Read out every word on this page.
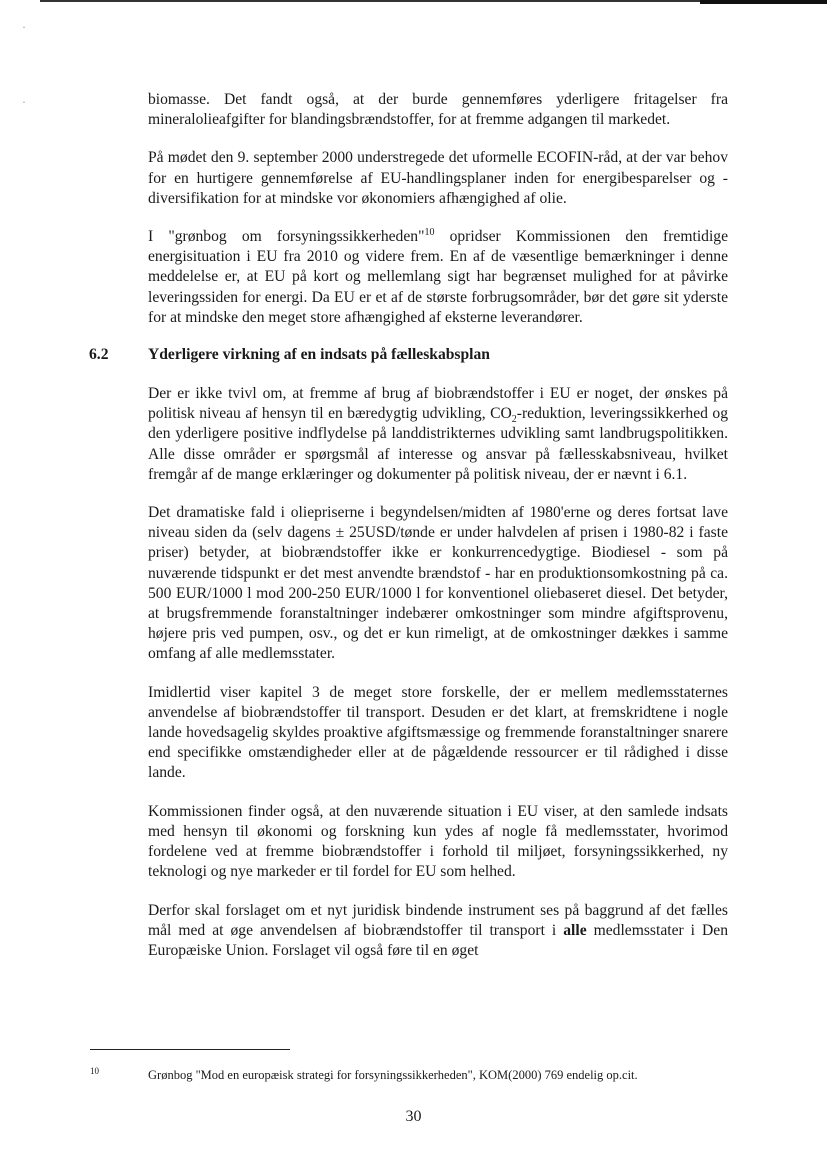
·
·	biomasse. Det fandt også, at der burde gennemføres yderligere fritagelser fra mineralolieafgifter for blandingsbrændstoffer, for at fremme adgangen til markedet.

På mødet den 9. september 2000 understregede det uformelle ECOFIN-råd, at der var behov for en hurtigere gennemførelse af EU-handlingsplaner inden for energibesparelser og -diversifikation for at mindske vor økonomiers afhængighed af olie.

I "grønbog om forsyningssikkerheden"$^{10}$ opridser Kommissionen den fremtidige energisituation i EU fra 2010 og videre frem. En af de væsentlige bemærkninger i denne meddelelse er, at EU på kort og mellemlang sigt har begrænset mulighed for at påvirke leveringssiden for energi. Da EU er et af de største forbrugsområder, bør det gøre sit yderste for at mindske den meget store afhængighed af eksterne leverandører.

6.2	Yderligere virkning af en indsats på fælleskabsplan

Der er ikke tvivl om, at fremme af brug af biobrændstoffer i EU er noget, der ønskes på politisk niveau af hensyn til en bæredygtig udvikling, $CO_2$-reduktion, leveringssikkerhed og den yderligere positive indflydelse på landdistrikternes udvikling samt landbrugspolitikken. Alle disse områder er spørgsmål af interesse og ansvar på fællesskabsniveau, hvilket fremgår af de mange erklæringer og dokumenter på politisk niveau, der er nævnt i 6.1.

Det dramatiske fald i oliepriserne i begyndelsen/midten af 1980'erne og deres fortsat lave niveau siden da (selv dagens ± 25USD/tønde er under halvdelen af prisen i 1980-82 i faste priser) betyder, at biobrændstoffer ikke er konkurrencedygtige. Biodiesel - som på nuværende tidspunkt er det mest anvendte brændstof - har en produktionsomkostning på ca. 500 EUR/1000 l mod 200-250 EUR/1000 l for konventionel oliebaseret diesel. Det betyder, at brugsfremmende foranstaltninger indebærer omkostninger som mindre afgiftsprovenu, højere pris ved pumpen, osv., og det er kun rimeligt, at de omkostninger dækkes i samme omfang af alle medlemsstater.

Imidlertid viser kapitel 3 de meget store forskelle, der er mellem medlemsstaternes anvendelse af biobrændstoffer til transport. Desuden er det klart, at fremskridtene i nogle lande hovedsagelig skyldes proaktive afgiftsmæssige og fremmende foranstaltninger snarere end specifikke omstændigheder eller at de pågældende ressourcer er til rådighed i disse lande.

Kommissionen finder også, at den nuværende situation i EU viser, at den samlede indsats med hensyn til økonomi og forskning kun ydes af nogle få medlemsstater, hvorimod fordelene ved at fremme biobrændstoffer i forhold til miljøet, forsyningssikkerhed, ny teknologi og nye markeder er til fordel for EU som helhed.

Derfor skal forslaget om et nyt juridisk bindende instrument ses på baggrund af det fælles mål med at øge anvendelsen af biobrændstoffer til transport i alle medlemsstater i Den Europæiske Union. Forslaget vil også føre til en øget

10	Grønbog "Mod en europæisk strategi for forsyningssikkerheden", KOM(2000) 769 endelig op.cit.
30
